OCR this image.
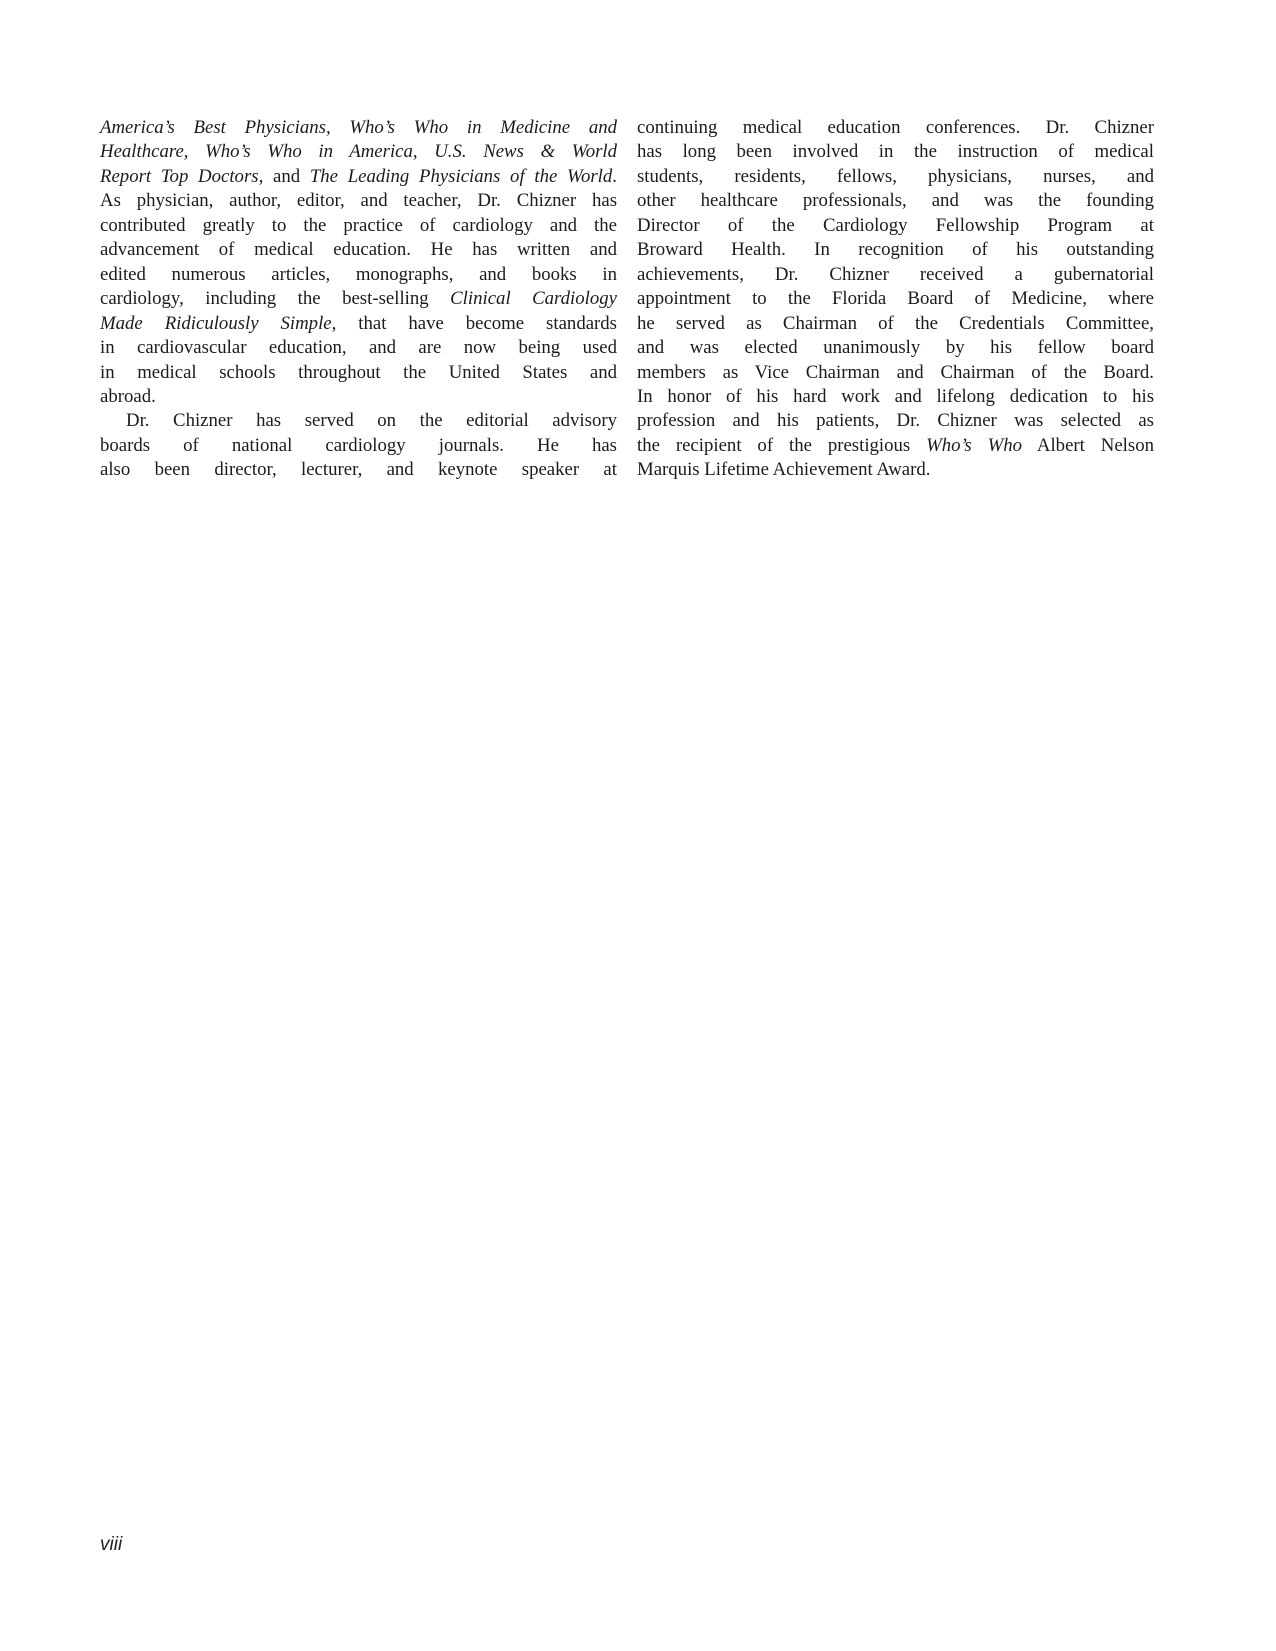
America’s Best Physicians, Who’s Who in Medicine and
Healthcare, Who’s Who in America, U.S. News & World
Report Top Doctors, and The Leading Physicians of the World.
As physician, author, editor, and teacher, Dr. Chizner has
contributed greatly to the practice of cardiology and the
advancement of medical education. He has written and
edited numerous articles, monographs, and books in
cardiology, including the best-selling Clinical Cardiology
Made Ridiculously Simple, that have become standards
in cardiovascular education, and are now being used
in medical schools throughout the United States and
abroad.
Dr. Chizner has served on the editorial advisory
boards of national cardiology journals. He has
also been director, lecturer, and keynote speaker at
continuing medical education conferences. Dr. Chizner
has long been involved in the instruction of medical
students, residents, fellows, physicians, nurses, and
other healthcare professionals, and was the founding
Director of the Cardiology Fellowship Program at
Broward Health. In recognition of his outstanding
achievements, Dr. Chizner received a gubernatorial
appointment to the Florida Board of Medicine, where
he served as Chairman of the Credentials Committee,
and was elected unanimously by his fellow board
members as Vice Chairman and Chairman of the Board.
In honor of his hard work and lifelong dedication to his
profession and his patients, Dr. Chizner was selected as
the recipient of the prestigious Who’s Who Albert Nelson
Marquis Lifetime Achievement Award.
viii
